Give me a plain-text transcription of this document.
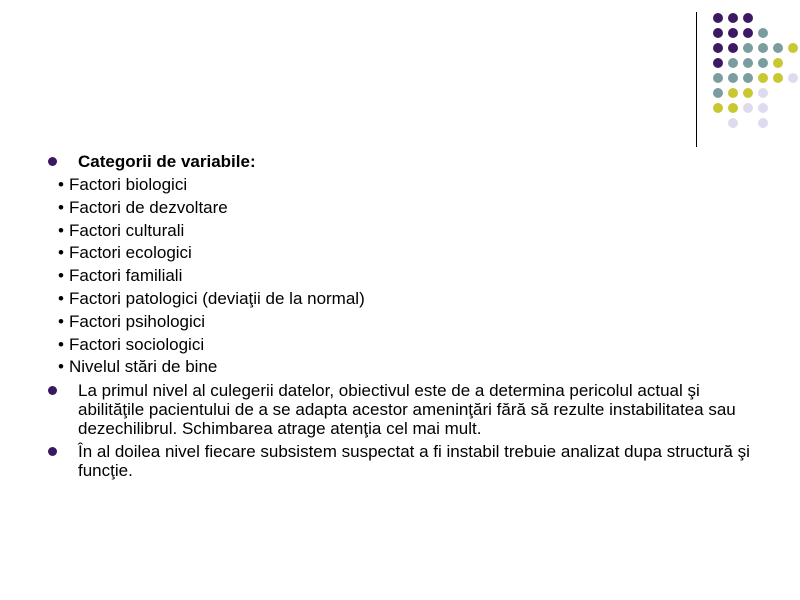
Categorii de variabile:
• Factori biologici
• Factori de dezvoltare
• Factori culturali
• Factori ecologici
• Factori familiali
• Factori patologici (deviaţii de la normal)
• Factori psihologici
• Factori sociologici
• Nivelul stări de bine
La primul nivel al culegerii datelor, obiectivul este de a determina pericolul actual şi abilităţile pacientului de a se adapta acestor ameninţări fără să rezulte instabilitatea sau dezechilibrul. Schimbarea atrage atenţia cel mai mult.
În al doilea nivel fiecare subsistem suspectat a fi instabil trebuie analizat dupa structură şi funcţie.
